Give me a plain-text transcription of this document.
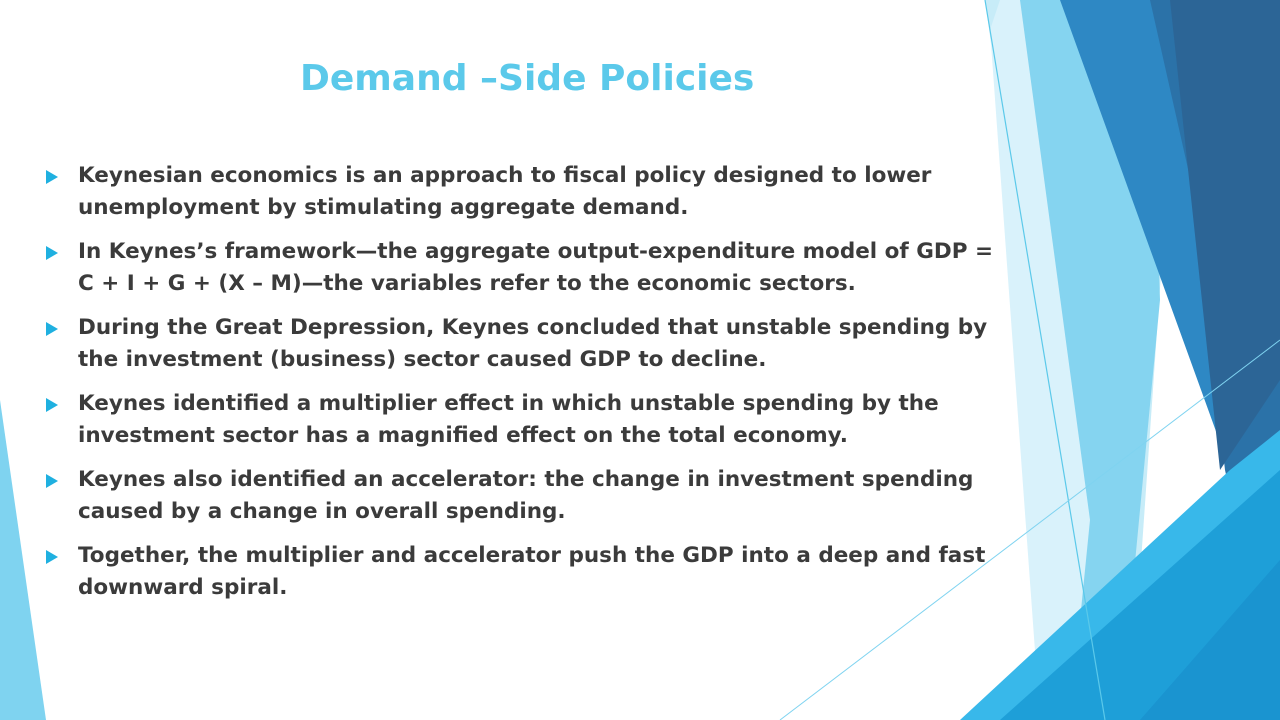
Demand –Side Policies
Keynesian economics is an approach to fiscal policy designed to lower unemployment by stimulating aggregate demand.
In Keynes’s framework—the aggregate output-expenditure model of GDP = C + I + G + (X – M)—the variables refer to the economic sectors.
During the Great Depression, Keynes concluded that unstable spending by the investment (business) sector caused GDP to decline.
Keynes identified a multiplier effect in which unstable spending by the investment sector has a magnified effect on the total economy.
Keynes also identified an accelerator: the change in investment spending caused by a change in overall spending.
Together, the multiplier and accelerator push the GDP into a deep and fast downward spiral.
